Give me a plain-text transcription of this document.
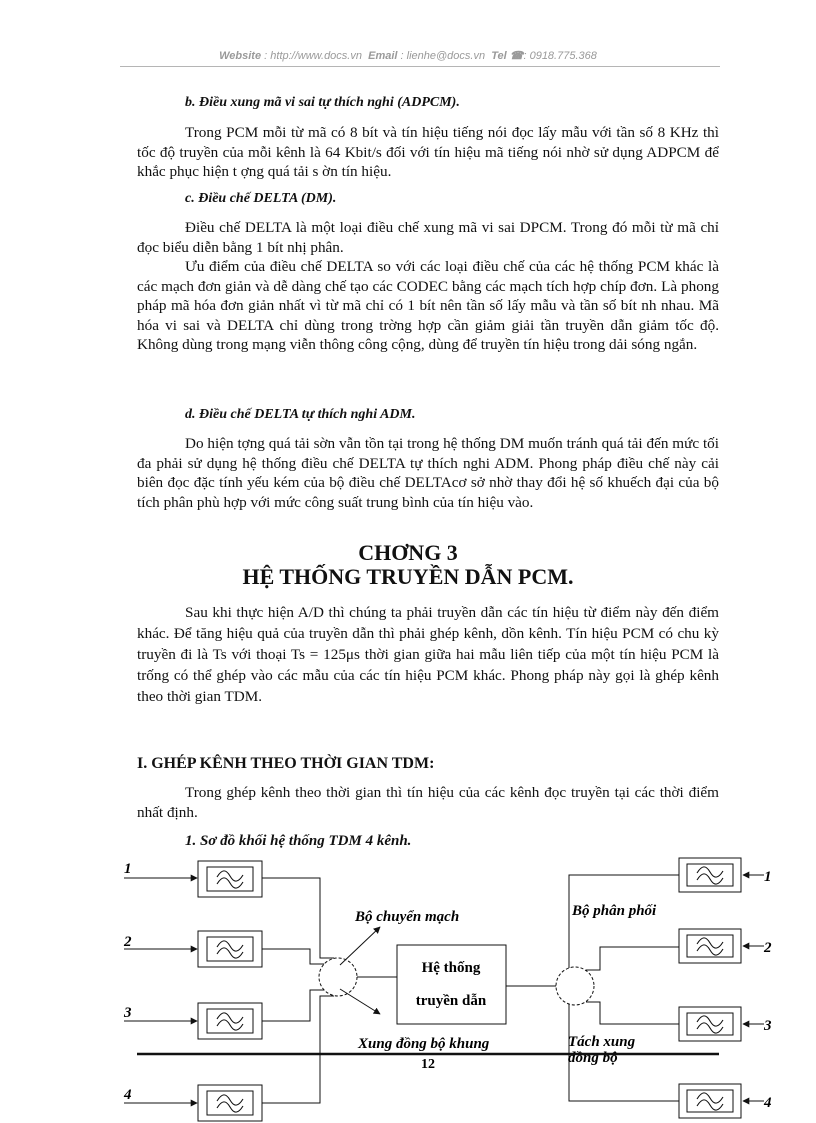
Website : http://www.docs.vn Email : lienhe@docs.vn Tel ☎: 0918.775.368
b. Điều xung mã vi sai tự thích nghi (ADPCM).

Trong PCM mỗi từ mã có 8 bít và tín hiệu tiếng nói đọc lấy mẫu với tần số 8 KHz thì tốc độ truyền của mỗi kênh là 64 Kbit/s đối với tín hiệu mã tiếng nói nhờ sử dụng ADPCM để khắc phục hiện t ợng quá tải s ờn tín hiệu.

c. Điều chế DELTA (DM).

Điều chế DELTA là một loại điều chế xung mã vi sai DPCM. Trong đó mỗi từ mã chỉ đọc biểu diễn bằng 1 bít nhị phân.

Ưu điểm của điều chế DELTA so với các loại điều chế của các hệ thống PCM khác là các mạch đơn giản và dễ dàng chế tạo các CODEC bằng các mạch tích hợp chíp đơn. Là phong pháp mã hóa đơn giản nhất vì từ mã chỉ có 1 bít nên tần số lấy mẫu và tần số bít nh nhau. Mã hóa vi sai và DELTA chỉ dùng trong trờng hợp cần giảm giải tần truyền dẫn giảm tốc độ. Không dùng trong mạng viễn thông công cộng, dùng để truyền tín hiệu trong dải sóng ngắn.

d. Điều chế DELTA tự thích nghi ADM.

Do hiện tợng quá tải sờn vẫn tồn tại trong hệ thống DM muốn tránh quá tải đến mức tối đa phải sử dụng hệ thống điều chế DELTA tự thích nghi ADM. Phong pháp điều chế này cải biên đọc đặc tính yếu kém của bộ điều chế DELTAcơ sở nhờ thay đổi hệ số khuếch đại của bộ tích phân phù hợp với mức công suất trung bình của tín hiệu vào.

CHƠNG 3
HỆ THỐNG TRUYỀN DẪN PCM.

Sau khi thực hiện A/D thì chúng ta phải truyền dẫn các tín hiệu từ điểm này đến điểm khác. Để tăng hiệu quả của truyền dẫn thì phải ghép kênh, dồn kênh. Tín hiệu PCM có chu kỳ truyền đi là Ts với thoại Ts = 125μs thời gian giữa hai mẫu liên tiếp của một tín hiệu PCM là trống có thể ghép vào các mẫu của các tín hiệu PCM khác. Phong pháp này gọi là ghép kênh theo thời gian TDM.

I. GHÉP KÊNH THEO THỜI GIAN TDM:

Trong ghép kênh theo thời gian thì tín hiệu của các kênh đọc truyền tại các thời điểm nhất định.

1. Sơ đồ khối hệ thống TDM 4 kênh.
1
2
3
4
Bộ chuyển mạch
Hệ thống
truyền dẫn
Bộ phân phối
1
2
3
4
Xung đồng bộ khung	Tách xung
đồng bộ
12
